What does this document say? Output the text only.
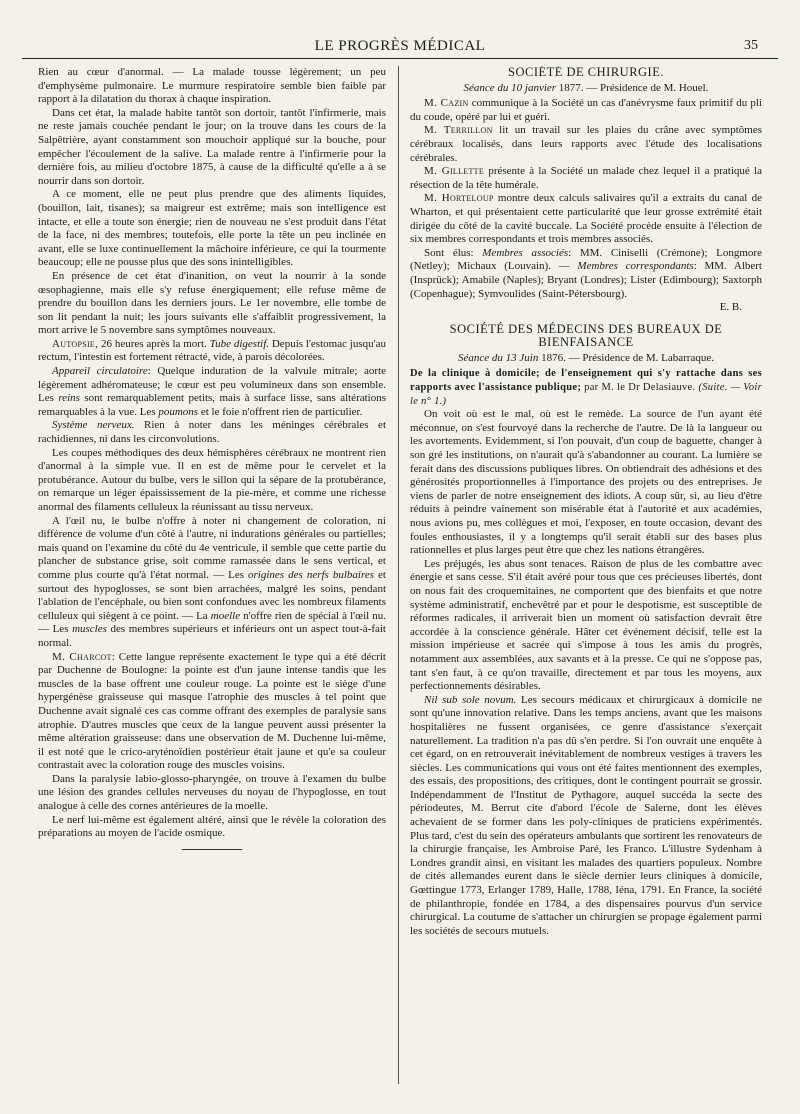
LE PROGRÈS MÉDICAL	35

Rien au cœur d'anormal. — La malade tousse légèrement; un peu d'emphysème pulmonaire. Le murmure respiratoire semble bien faible par rapport à la dilatation du thorax à chaque inspiration.

Dans cet état, la malade habite tantôt son dortoir, tantôt l'infirmerie, mais ne reste jamais couchée pendant le jour; on la trouve dans les cours de la Salpêtrière, ayant constamment son mouchoir appliqué sur la bouche, pour empêcher l'écoulement de la salive. La malade rentre à l'infirmerie pour la dernière fois, au milieu d'octobre 1875, à cause de la difficulté qu'elle a à se nourrir dans son dortoir.

A ce moment, elle ne peut plus prendre que des aliments liquides, (bouillon, lait, tisanes); sa maigreur est extrême; mais son intelligence est intacte, et elle a toute son énergie; rien de nouveau ne s'est produit dans l'état de la face, ni des membres; toutefois, elle porte la tête un peu inclinée en avant, elle se luxe continuellement la mâchoire inférieure, ce qui la tourmente beaucoup; elle ne pousse plus que des sons inintelligibles.

En présence de cet état d'inanition, on veut la nourrir à la sonde œsophagienne, mais elle s'y refuse énergiquement; elle refuse même de prendre du bouillon dans les derniers jours. Le 1er novembre, elle tombe de son lit pendant la nuit; les jours suivants elle s'affaiblit progressivement, la mort arrive le 5 novembre sans symptômes nouveaux.

Autopsie, 26 heures après la mort. Tube digestif. Depuis l'estomac jusqu'au rectum, l'intestin est fortement rétracté, vide, à parois décolorées.

Appareil circulatoire: Quelque induration de la valvule mitrale; aorte légèrement adhéromateuse; le cœur est peu volumineux dans son ensemble. Les reins sont remarquablement petits, mais à surface lisse, sans altérations remarquables à la vue. Les poumons et le foie n'offrent rien de particulier.

Système nerveux. Rien à noter dans les méninges cérébrales et rachidiennes, ni dans les circonvolutions.

Les coupes méthodiques des deux hémisphères cérébraux ne montrent rien d'anormal à la simple vue. Il en est de même pour le cervelet et la protubérance. Autour du bulbe, vers le sillon qui la sépare de la protubérance, on remarque un léger épaississement de la pie-mère, et comme une richesse anormal des filaments celluleux la réunissant au tissu nerveux.

A l'œil nu, le bulbe n'offre à noter ni changement de coloration, ni différence de volume d'un côté à l'autre, ni indurations générales ou partielles; mais quand on l'examine du côté du 4e ventricule, il semble que cette partie du plancher de substance grise, soit comme ramassée dans le sens vertical, et comme plus courte qu'à l'état normal. — Les origines des nerfs bulbaires et surtout des hypoglosses, se sont bien arrachées, malgré les soins, pendant l'ablation de l'encéphale, ou bien sont confondues avec les nombreux filaments celluleux qui siègent à ce point. — La moelle n'offre rien de spécial à l'œil nu. — Les muscles des membres supérieurs et inférieurs ont un aspect tout-à-fait normal.

M. Charcot: Cette langue représente exactement le type qui a été décrit par Duchenne de Boulogne: la pointe est d'un jaune intense tandis que les muscles de la base offrent une couleur rouge. La pointe est le siège d'une hypergénèse graisseuse qui masque l'atrophie des muscles à tel point que Duchenne avait signalé ces cas comme offrant des exemples de paralysie sans atrophie. D'autres muscles que ceux de la langue peuvent aussi présenter la même altération graisseuse: dans une observation de M. Duchenne lui-même, il est noté que le crico-aryténoïdien postérieur était jaune et qu'e sa couleur contrastait avec la coloration rouge des muscles voisins.

Dans la paralysie labio-glosso-pharyngée, on trouve à l'examen du bulbe une lésion des grandes cellules nerveuses du noyau de l'hypoglosse, en tout analogue à celle des cornes antérieures de la moelle.

Le nerf lui-même est également altéré, ainsi que le révèle la coloration des préparations au moyen de l'acide osmique.

SOCIÉTÉ DE CHIRURGIE.

Séance du 10 janvier 1877. — Présidence de M. Houel.

M. Cazin communique à la Société un cas d'anévrysme faux primitif du pli du coude, opéré par lui et guéri.

M. Terrillon lit un travail sur les plaies du crâne avec symptômes cérébraux localisés, dans leurs rapports avec l'étude des localisations cérébrales.

M. Gillette présente à la Société un malade chez lequel il a pratiqué la résection de la tête humérale.

M. Horteloup montre deux calculs salivaires qu'il a extraits du canal de Wharton, et qui présentaient cette particularité que leur grosse extrémité était dirigée du côté de la cavité buccale. La Société procède ensuite à l'élection de six membres correspondants et trois membres associés.

Sont élus: Membres associés: MM. Ciniselli (Crémone); Longmore (Netley); Michaux (Louvain). — Membres correspondants: MM. Albert (Insprück); Amabile (Naples); Bryant (Londres); Lister (Edimbourg); Saxtorph (Copenhague); Symvoulides (Saint-Pétersbourg).

E. B.

SOCIÉTÉ DES MÉDECINS DES BUREAUX DE BIENFAISANCE

Séance du 13 Juin 1876. — Présidence de M. Labarraque.

De la clinique à domicile; de l'enseignement qui s'y rattache dans ses rapports avec l'assistance publique; par M. le Dr Delasiauve. (Suite. — Voir le n° 1.)

On voit où est le mal, où est le remède. La source de l'un ayant été méconnue, on s'est fourvoyé dans la recherche de l'autre. De là la langueur ou les avortements. Evidemment, si l'on pouvait, d'un coup de baguette, changer à son gré les institutions, on n'aurait qu'à s'abandonner au courant. La lumière se ferait dans des discussions publiques libres. On obtiendrait des adhésions et des générosités proportionnelles à l'importance des projets ou des entreprises. Je viens de parler de notre enseignement des idiots. A coup sûr, si, au lieu d'être réduits à peindre vainement son misérable état à l'autorité et aux académies, nous avions pu, mes collègues et moi, l'exposer, en toute occasion, devant des foules enthousiastes, il y a longtemps qu'il serait établi sur des bases plus rationnelles et plus larges peut être que chez les nations étrangères.

Les préjugés, les abus sont tenaces. Raison de plus de les combattre avec énergie et sans cesse. S'il était avéré pour tous que ces précieuses libertés, dont on nous fait des croquemitaines, ne comportent que des bienfaits et que notre système administratif, enchevêtré par et pour le despotisme, est susceptible de réformes radicales, il arriverait bien un moment où satisfaction devrait être accordée à la conscience générale. Hâter cet événement décisif, telle est la mission impérieuse et sacrée qui s'impose à tous les amis du progrès, notamment aux assemblées, aux savants et à la presse. Ce qui ne s'oppose pas, tant s'en faut, à ce qu'on travaille, directement et par tous les moyens, aux perfectionnements désirables.

Nil sub sole novum. Les secours médicaux et chirurgicaux à domicile ne sont qu'une innovation relative. Dans les temps anciens, avant que les maisons hospitalières ne fussent organisées, ce genre d'assistance s'exerçait naturellement. La tradition n'a pas dû s'en perdre. Si l'on ouvrait une enquête à cet égard, on en retrouverait inévitablement de nombreux vestiges à travers les siècles. Les communications qui vous ont été faites mentionnent des exemples, des essais, des propositions, des critiques, dont le contingent pourrait se grossir. Indépendamment de l'Institut de Pythagore, auquel succéda la secte des périodeutes, M. Berrut cite d'abord l'école de Salerne, dont les élèves achevaient de se former dans les poly-cliniques de praticiens expérimentés. Plus tard, c'est du sein des opérateurs ambulants que sortirent les renovateurs de la chirurgie française, les Ambroise Paré, les Franco. L'illustre Sydenham à Londres grandit ainsi, en visitant les malades des quartiers populeux. Nombre de cités allemandes eurent dans le siècle dernier leurs cliniques à domicile, Gœttingue 1773, Erlanger 1789, Halle, 1788, Iéna, 1791. En France, la société de philanthropie, fondée en 1784, a des dispensaires pourvus d'un service chirurgical. La coutume de s'attacher un chirurgien se propage également parmi les sociétés de secours mutuels.
